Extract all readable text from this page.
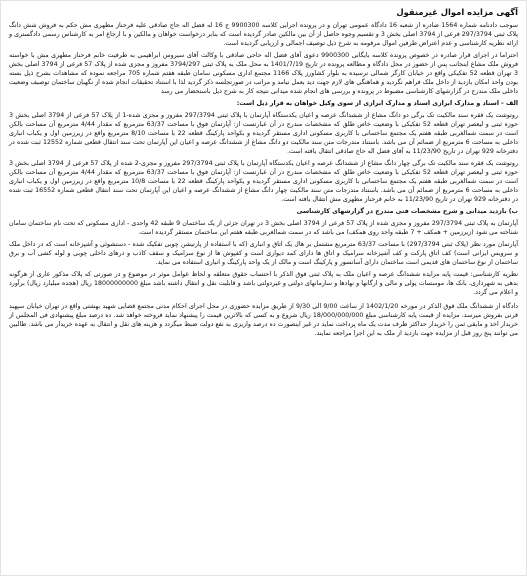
آگهی مزایده اموال غیرمنقول

سوجب دادنامه شماره 1564 صادره از شعبه 16 دادگاه عمومی تهران و در پرونده اجرایی کلاسه 9900300 ج 16 له فضل اله حاج صادقی علیه فرحناز مطهری مش حکم به فروش شش دانگ پلاک ثبتی 297/3794 فرعی از 3794 اصلی بخش 3 و تقسیم وجوه حاصل از آن بین مالکین صادر گردیده است که بنابر درخواست خواهان و مالکین و با ارجاع امر به کارشناس رسمی دادگستری و ارائه نظریه کارشناسی و عدم اعتراض طرفین اموال مرقومه به شرح ذیل توصیف اجمالی و ارزیابی گردیده است.

احتراما در اجرای قرار صادره در خصوص پرونده کلاسه بایگانی 9900300 دعوی آقای فضل اله حاجی صادقی با وکالت آقای سیروس ابراهیمی به طرفیت خانم فرحناز مطهری مش با خواسته فروش ملک مشاع اینجانب پس از حضور در محل دادگاه و مطالعه پرونده در تاریخ 1401/7/19 به محل ملک به پلاک ثبتی 3794/297 مفروز و مجزی شده از پلاک 57 فرعی از 3794 اصلی بخش 3 تهران قطعه 52 تفکیکی واقع در خیابان کارگر شمالی نرسیده به بلوار کشاورز پلاک 1166 مجتمع اداری مسکونی سامان طبقه هفتم شماره 705 مراجعه نموده که مشاهدات بشرح ذیل بسته بودن واحد امکان بازدید از داخل ملک فراهم نگردید و هماهنگی های لازم جهت دید بعمل نیامد و مراتب در صورتجلسه ذکر گردید لذا با استناد تحقیقات انجام شده از نگهبان ساختمان توصیف وضعیت داخلی ملک مندرج در گزارشهای کارشناسی مضبوط در پرونده و بررسی های انجام شده میدانی نتیجه کار به شرح ذیل باستحضار می رسد

الف - اسناد و مدارک ابرازی اسناد و مدارک ابرازی از سوی وکیل خواهان به قرار ذیل است:

روتوشت یک فقره سند مالکیت تک برگی دو دانگ مشاع از ششدانگ عرصه و اعیان یکدستگاه آپارتمان با پلاک ثبتی 297/3794 مفروز و مجزی شده-1 از پلاک 57 فرعی از 3794 اصلی بخش 3 حوزه ثبتی و لیعصر تهران قطعه 52 تفکیکی با وضعیت خاص طلق که مشخصات مندرج در آن عبارتست از: آپارتمان فوق با مساحت 63/37 مترمربع که مقدار 4/44 مترمربع آن مساحت بالکن است در سمت شمالغربی طبقه هفتم یک مجتمع ساختمانی با کاربری مسکونی اداری مستقر گردیده و بکواحد پارکینگ قطعه 22 با مساحت 8/10 مترمربع واقع در زیرزمین اول و یکباب انباری داخلی به مساحت 6 مترمربع از ضمائم آن می باشد. باستناد مندرجات متن سند مالکیت دو دانگ مشاع از ششدانگ عرصه و اعیان این آپارتمان تحت سند انتقال قطعی شماره 12552 ثبت شده در دفترخانه 929 تهران در تاریخ 11/23/90 به آقای فضل اله حاج صادقی انتقال یافته است.

روتوشت یک فقره سند مالکیت تک برگی چهار دانگ مشاع از ششدانگ عرصه و اعیان یکدستگاه آپارتمان با پلاک ثبتی 297/3794 مفروز و مجزی-2 شده از پلاک 57 فرعی از 3794 اصلی بخش 3 حوزه ثبتی و لیعصر تهران قطعه 52 تفکیکی با وضعیت خاص طلق که مشخصات مندرج در آن عبارتست از: آپارتمان فوق با مساحت 63/37 مترمربع که مقدار 4/44 مترمربع آن مساحت بالکن است در سمت شمالغربی طبقه هفتم یک مجتمع ساختمانی با کاربری مسکونی اداری مستقر گردیده و یکواحد پارکینگ قطعه 22 با مساحت 10/8 مترمربع واقع در زیرزمین اول و یکباب انباری داخلی به مساحت 6 مترمربع از ضمائم آن می باشد. باستناد مندرجات متن سند مالکیت چهار دانگ مشاع از ششدانگ عرصه و اعیان این آپارتمان تحت سند انتقال قطعی شماره 16552 ثبت شده در دفترخانه 929 تهران در تاریخ 11/23/90 به خانم فرحناز مطهری مش انتقال یافته است.

ب) بازدید میدانی و شرح مشخصات فنی مندرج در گزارشهای کارشناسی

آپارتمان به پلاک ثبتی 297/3794 مفروز و مجزی شده از پلاک 57 فرعی از 3794 اصلی بخش 3 در تهران جزئی از یک ساختمان 9 طبقه 42 واحدی - اداری مسکونی که تحت نام ساختمان سامان شناخته می شود (زیرزمین + همکف + 7 طبقه واحد روی همکف) می باشد که در سمت شمالغربی طبقه هفتم این ساختمان مستقر گردیده است.

آپارتمان مورد نظر (پلاک ثبتی 297/3794) با مساحت 63/37 مترمربع مشتمل بر هال یک اتاق و انباری (که با استفاده از پارتیشن چوبی تفکیک شده - دستشوئی و آشپزخانه است که در داخل ملک و سرویس ایرانی است) کف اتاق پارکت و کف آشپزخانه سرامیک و اتاق ها دارای کمد دیواری است و کفپوش ها از نوع سرامیک و سقف کاذب و درهای داخلی چوبی و لوله کشی آب و برق ساختمان از نوع ساختمان های قدیمی است ساختمان دارای آسانسور و پارکینگ است و مالک از یک واحد پارکینگ و انباری استفاده می نماید.

نظریه کارشناسی: قیمت پایه مزایده ششدانگ عرصه و اعیان ملک به پلاک ثبتی فوق الذکر با احتساب حقوق متعلقه و لحاظ عوامل موثر در موضوع و در صورتی که پلاک مذکور عاری از هرگونه بدهی به شهرداری، بانک ها، موسسات پولی و مالی و ارگانها و نهادها و سازمانهای دولتی و غیردولتی باشد و قابلیت نقل و انتقال داشته باشد مبلغ 18000000000 ریال (هجده میلیارد ریال) برآورد و اعلام می گردد.

دادگاه از ششدانگ ملک فوق الذکر در مورخه 1402/1/20 از ساعت 9/00 الی 9/30 از طریق مزایده حضوری در محل اجرای احکام مدنی مجتمع قضایی شهید بهشتی واقع در تهران خیابان سپهبد قرنی بفروش میرسد. مزایده از قیمت پایه کارشناسی مبلغ 18/000/000/000 ریال شروع و به کسی که بالاترین قیمت را پیشنهاد نماید فروخته خواهد شد. ده درصد مبلغ پیشنهادی فی المجلس از خریدار اخذ و مابقی ثمن را خریدار حداکثر ظرف مدت یک ماه پرداخت نماید در غیر اینصورت ده درصد واریزی به نفع دولت ضبط میگردد و هزینه های نقل و انتقال به عهده خریدار می باشد. طالبین می توانند پنج روز قبل از مزایده جهت بازدید از ملک به این اجرا مراجعه نمایند.
